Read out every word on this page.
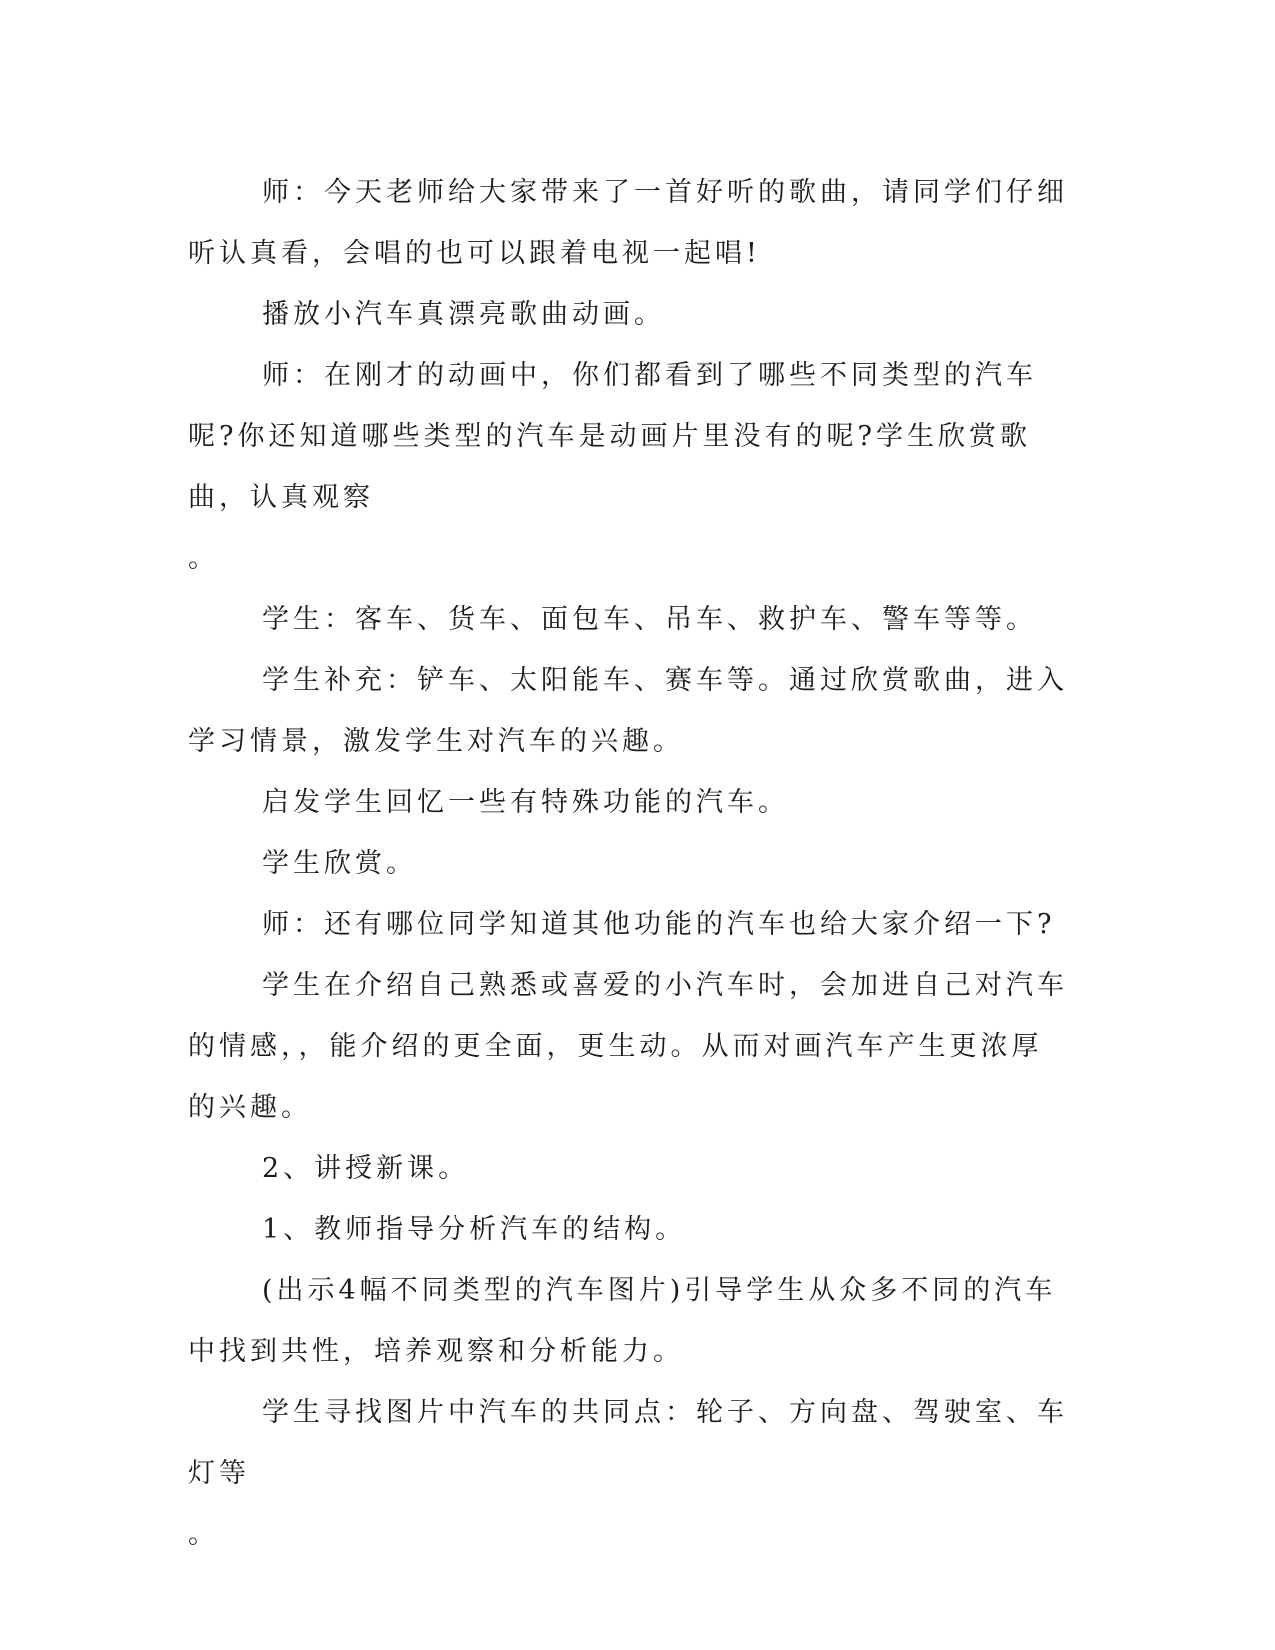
师：今天老师给大家带来了一首好听的歌曲，请同学们仔细听认真看，会唱的也可以跟着电视一起唱!

播放小汽车真漂亮歌曲动画。

师：在刚才的动画中，你们都看到了哪些不同类型的汽车呢?你还知道哪些类型的汽车是动画片里没有的呢?学生欣赏歌曲，认真观察

。

学生：客车、货车、面包车、吊车、救护车、警车等等。

学生补充：铲车、太阳能车、赛车等。通过欣赏歌曲，进入学习情景，激发学生对汽车的兴趣。

启发学生回忆一些有特殊功能的汽车。

学生欣赏。

师：还有哪位同学知道其他功能的汽车也给大家介绍一下?

学生在介绍自己熟悉或喜爱的小汽车时，会加进自己对汽车的情感，，能介绍的更全面，更生动。从而对画汽车产生更浓厚的兴趣。

2、讲授新课。

1、教师指导分析汽车的结构。

(出示4幅不同类型的汽车图片)引导学生从众多不同的汽车中找到共性，培养观察和分析能力。

学生寻找图片中汽车的共同点：轮子、方向盘、驾驶室、车灯等

。
